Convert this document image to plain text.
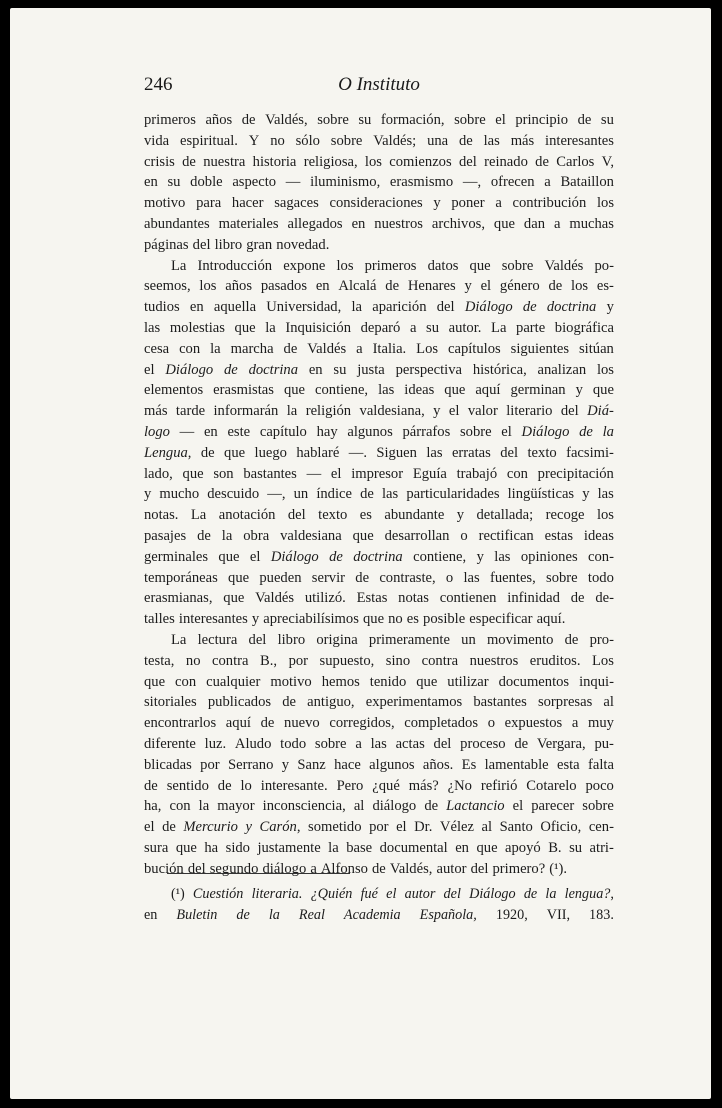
246	O Instituto
primeros años de Valdés, sobre su formación, sobre el principio de su
vida espiritual. Y no sólo sobre Valdés; una de las más interesantes
crisis de nuestra historia religiosa, los comienzos del reinado de Carlos V,
en su doble aspecto — iluminismo, erasmismo —, ofrecen a Bataillon
motivo para hacer sagaces consideraciones y poner a contribución los
abundantes materiales allegados en nuestros archivos, que dan a muchas
páginas del libro gran novedad.
La Introducción expone los primeros datos que sobre Valdés po-
seemos, los años pasados en Alcalá de Henares y el género de los es-
tudios en aquella Universidad, la aparición del Diálogo de doctrina y
las molestias que la Inquisición deparó a su autor. La parte biográfica
cesa con la marcha de Valdés a Italia. Los capítulos siguientes sitúan
el Diálogo de doctrina en su justa perspectiva histórica, analizan los
elementos erasmistas que contiene, las ideas que aquí germinan y que
más tarde informarán la religión valdesiana, y el valor literario del Diá-
logo — en este capítulo hay algunos párrafos sobre el Diálogo de la
Lengua, de que luego hablaré —. Siguen las erratas del texto facsimi-
lado, que son bastantes — el impresor Eguía trabajó con precipitación
y mucho descuido —, un índice de las particularidades lingüísticas y las
notas. La anotación del texto es abundante y detallada; recoge los
pasajes de la obra valdesiana que desarrollan o rectifican estas ideas
germinales que el Diálogo de doctrina contiene, y las opiniones con-
temporáneas que pueden servir de contraste, o las fuentes, sobre todo
erasmianas, que Valdés utilizó. Estas notas contienen infinidad de de-
talles interesantes y apreciabilísimos que no es posible especificar aquí.
La lectura del libro origina primeramente un movimento de pro-
testa, no contra B., por supuesto, sino contra nuestros eruditos. Los
que con cualquier motivo hemos tenido que utilizar documentos inqui-
sitoriales publicados de antiguo, experimentamos bastantes sorpresas al
encontrarlos aquí de nuevo corregidos, completados o expuestos a muy
diferente luz. Aludo todo sobre a las actas del proceso de Vergara, pu-
blicadas por Serrano y Sanz hace algunos años. Es lamentable esta falta
de sentido de lo interesante. Pero ¿qué más? ¿No refirió Cotarelo poco
ha, con la mayor inconsciencia, al diálogo de Lactancio el parecer sobre
el de Mercurio y Carón, sometido por el Dr. Vélez al Santo Oficio, cen-
sura que ha sido justamente la base documental en que apoyó B. su atri-
bución del segundo diálogo a Alfonso de Valdés, autor del primero? (¹).
(¹) Cuestión literaria. ¿Quién fué el autor del Diálogo de la lengua?,
en Buletin de la Real Academia Española, 1920, VII, 183.
